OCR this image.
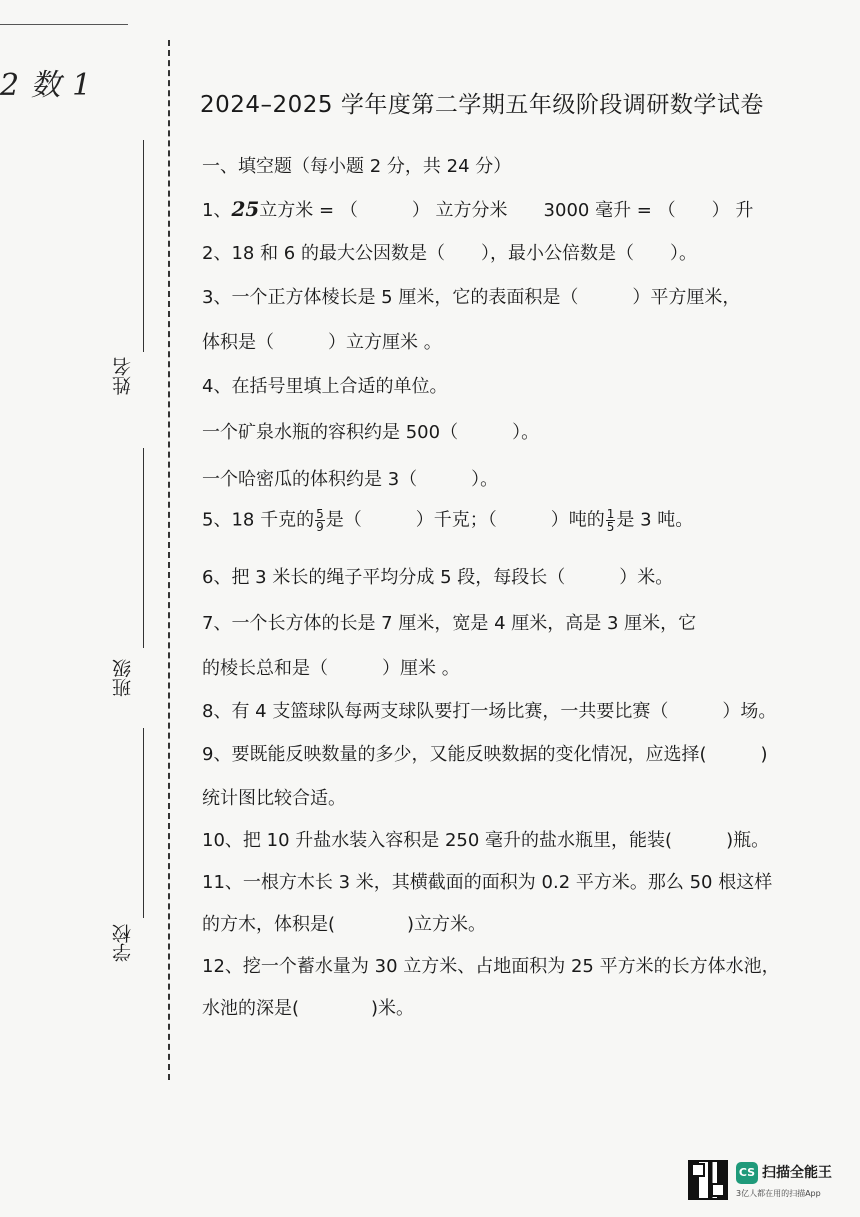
2 数 1
姓名
班级
学校
2024–2025 学年度第二学期五年级阶段调研数学试卷
一、填空题（每小题 2 分，共 24 分）
1、25立方米 = （　　　） 立方分米　　3000 毫升 = （　　） 升
2、18 和 6 的最大公因数是（　　），最小公倍数是（　　）。
3、一个正方体棱长是 5 厘米，它的表面积是（　　　）平方厘米，
体积是（　　　）立方厘米 。
4、在括号里填上合适的单位。
一个矿泉水瓶的容积约是 500（　　　）。
一个哈密瓜的体积约是 3（　　　）。
5、18 千克的 $\frac{5}{9}$ 是（　　　）千克；（　　　）吨的 $\frac{1}{5}$ 是 3 吨。
6、把 3 米长的绳子平均分成 5 段，每段长（　　　）米。
7、一个长方体的长是 7 厘米，宽是 4 厘米，高是 3 厘米，它
的棱长总和是（　　　）厘米 。
8、有 4 支篮球队每两支球队要打一场比赛，一共要比赛（　　　）场。
9、要既能反映数量的多少，又能反映数据的变化情况，应选择(　　　)
统计图比较合适。
10、把 10 升盐水装入容积是 250 毫升的盐水瓶里，能装(　　　)瓶。
11、一根方木长 3 米，其横截面的面积为 0.2 平方米。那么 50 根这样
的方木，体积是(　　　　)立方米。
12、挖一个蓄水量为 30 立方米、占地面积为 25 平方米的长方体水池，
水池的深是(　　　　)米。
CS 扫描全能王
3亿人都在用的扫描App
